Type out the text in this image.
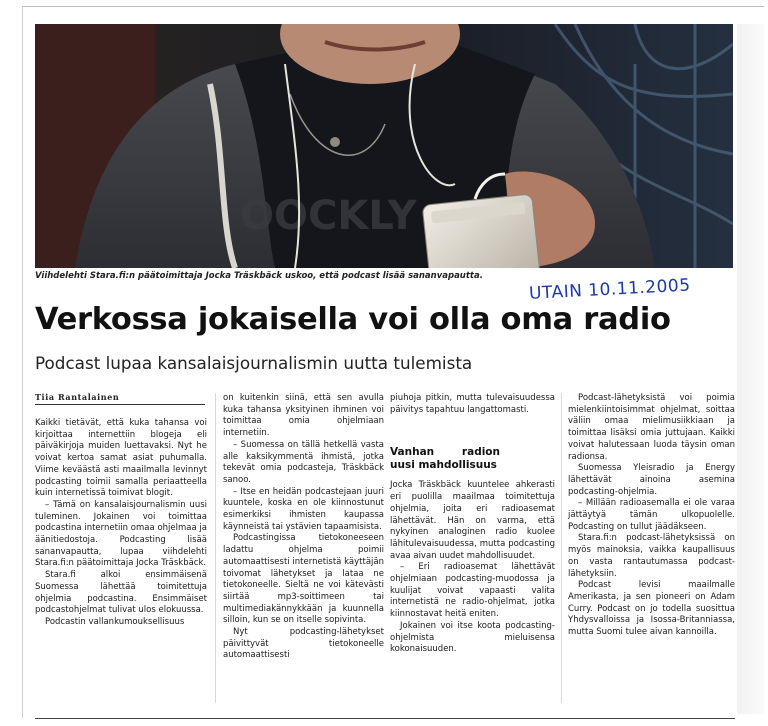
OOCKLY
Viihdelehti Stara.fi:n päätoimittaja Jocka Träskbäck uskoo, että podcast lisää sananvapautta.	UTAIN 10.11.2005
Verkossa jokaisella voi olla oma radio
Podcast lupaa kansalaisjournalismin uutta tulemista
Tiia Rantalainen

Kaikki tietävät, että kuka tahansa voi kirjoittaa internettiin blogeja eli päiväkirjoja muiden luettavaksi. Nyt he voivat kertoa samat asiat puhumalla. Viime keväästä asti maailmalla levinnyt podcasting toimii samalla periaatteella kuin internetissä toimivat blogit.

– Tämä on kansalaisjournalismin uusi tuleminen. Jokainen voi toimittaa podcastina internetiin omaa ohjelmaa ja äänitiedostoja. Podcasting lisää sananvapautta, lupaa viihdelehti Stara.fi:n päätoimittaja Jocka Träskbäck.

Stara.fi alkoi ensimmäisenä Suomessa lähettää toimitettuja ohjelmia podcastina. Ensimmäiset podcastohjelmat tulivat ulos elokuussa.

Podcastin vallankumouksellisuus

on kuitenkin siinä, että sen avulla kuka tahansa yksityinen ihminen voi toimittaa omia ohjelmiaan internetiin.

– Suomessa on tällä hetkellä vasta alle kaksikymmentä ihmistä, jotka tekevät omia podcasteja, Träskbäck sanoo.

– Itse en heidän podcastejaan juuri kuuntele, koska en ole kiinnostunut esimerkiksi ihmisten kaupassa käynneistä tai ystävien tapaamisista.

Podcastingissa tietokoneeseen ladattu ohjelma poimii automaattisesti internetistä käyttäjän toivomat lähetykset ja lataa ne tietokoneelle. Sieltä ne voi kätevästi siirtää mp3-soittimeen tai multimediakännykkään ja kuunnella silloin, kun se on itselle sopivinta.

Nyt podcasting-lähetykset päivittyvät tietokoneelle automaattisesti

piuhoja pitkin, mutta tulevaisuudessa päivitys tapahtuu langattomasti.

Vanhan radion uusi mahdollisuus

Jocka Träskbäck kuuntelee ahkerasti eri puolilla maailmaa toimitettuja ohjelmia, joita eri radioasemat lähettävät. Hän on varma, että nykyinen analoginen radio kuolee lähitulevaisuudessa, mutta podcasting avaa aivan uudet mahdollisuudet.

– Eri radioasemat lähettävät ohjelmiaan podcasting-muodossa ja kuulijat voivat vapaasti valita internetistä ne radio-ohjelmat, jotka kiinnostavat heitä eniten.

Jokainen voi itse koota podcasting-ohjelmista mieluisensa kokonaisuuden.

Podcast-lähetyksistä voi poimia mielenkiintoisimmat ohjelmat, soittaa väliin omaa mielimusiikkiaan ja toimittaa lisäksi omia juttujaan. Kaikki voivat halutessaan luoda täysin oman radionsa.

Suomessa Yleisradio ja Energy lähettävät ainoina asemina podcasting-ohjelmia.

– Millään radioasemalla ei ole varaa jättäytyä tämän ulkopuolelle. Podcasting on tullut jäädäkseen.

Stara.fi:n podcast-lähetyksissä on myös mainoksia, vaikka kaupallisuus on vasta rantautumassa podcast-lähetyksiin.

Podcast levisi maailmalle Amerikasta, ja sen pioneeri on Adam Curry. Podcast on jo todella suosittua Yhdysvalloissa ja Isossa-Britanniassa, mutta Suomi tulee aivan kannoilla.
